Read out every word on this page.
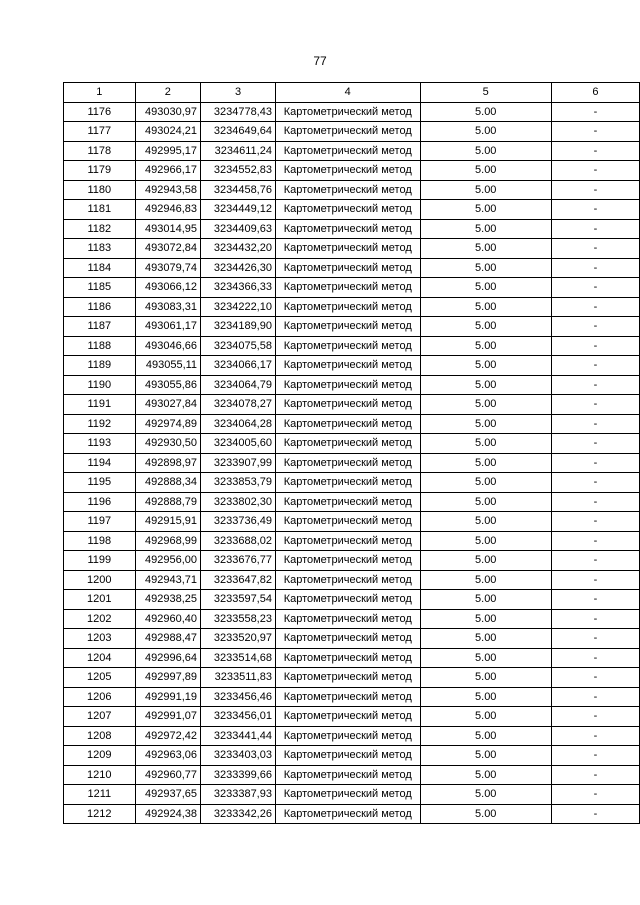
77
1	2	3	4	5	6
1176	493030,97	3234778,43	Картометрический метод	5.00	-
1177	493024,21	3234649,64	Картометрический метод	5.00	-
1178	492995,17	3234611,24	Картометрический метод	5.00	-
1179	492966,17	3234552,83	Картометрический метод	5.00	-
1180	492943,58	3234458,76	Картометрический метод	5.00	-
1181	492946,83	3234449,12	Картометрический метод	5.00	-
1182	493014,95	3234409,63	Картометрический метод	5.00	-
1183	493072,84	3234432,20	Картометрический метод	5.00	-
1184	493079,74	3234426,30	Картометрический метод	5.00	-
1185	493066,12	3234366,33	Картометрический метод	5.00	-
1186	493083,31	3234222,10	Картометрический метод	5.00	-
1187	493061,17	3234189,90	Картометрический метод	5.00	-
1188	493046,66	3234075,58	Картометрический метод	5.00	-
1189	493055,11	3234066,17	Картометрический метод	5.00	-
1190	493055,86	3234064,79	Картометрический метод	5.00	-
1191	493027,84	3234078,27	Картометрический метод	5.00	-
1192	492974,89	3234064,28	Картометрический метод	5.00	-
1193	492930,50	3234005,60	Картометрический метод	5.00	-
1194	492898,97	3233907,99	Картометрический метод	5.00	-
1195	492888,34	3233853,79	Картометрический метод	5.00	-
1196	492888,79	3233802,30	Картометрический метод	5.00	-
1197	492915,91	3233736,49	Картометрический метод	5.00	-
1198	492968,99	3233688,02	Картометрический метод	5.00	-
1199	492956,00	3233676,77	Картометрический метод	5.00	-
1200	492943,71	3233647,82	Картометрический метод	5.00	-
1201	492938,25	3233597,54	Картометрический метод	5.00	-
1202	492960,40	3233558,23	Картометрический метод	5.00	-
1203	492988,47	3233520,97	Картометрический метод	5.00	-
1204	492996,64	3233514,68	Картометрический метод	5.00	-
1205	492997,89	3233511,83	Картометрический метод	5.00	-
1206	492991,19	3233456,46	Картометрический метод	5.00	-
1207	492991,07	3233456,01	Картометрический метод	5.00	-
1208	492972,42	3233441,44	Картометрический метод	5.00	-
1209	492963,06	3233403,03	Картометрический метод	5.00	-
1210	492960,77	3233399,66	Картометрический метод	5.00	-
1211	492937,65	3233387,93	Картометрический метод	5.00	-
1212	492924,38	3233342,26	Картометрический метод	5.00	-
